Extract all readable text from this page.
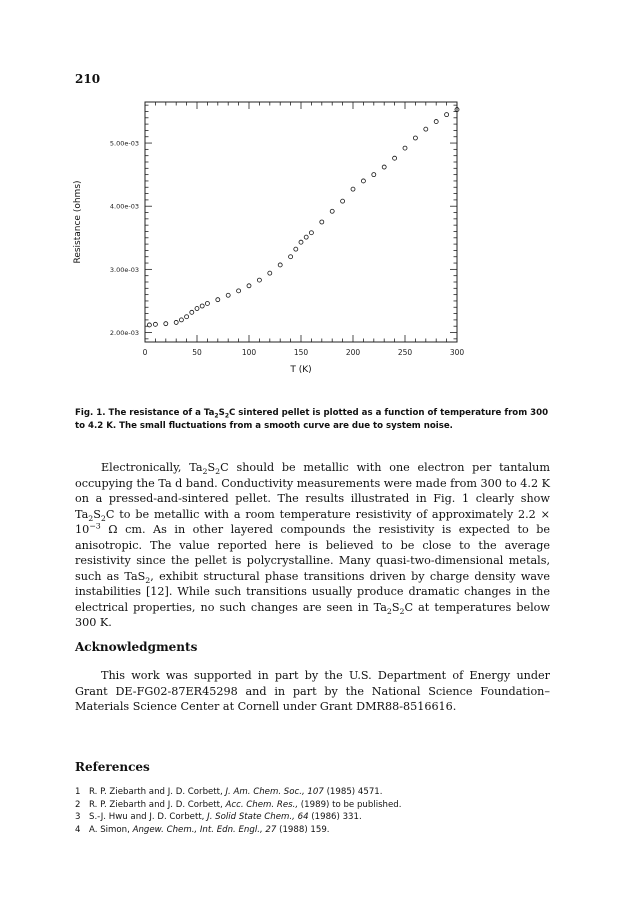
210
0	50	100	150	200	250	300
2.00e-03
3.00e-03
4.00e-03
5.00e-03
T (K)
Resistance (ohms)
Fig. 1. The resistance of a $Ta_2S_2C$ sintered pellet is plotted as a function of temperature from 300 to 4.2 K. The small fluctuations from a smooth curve are due to system noise.

Electronically, $Ta_2S_2C$ should be metallic with one electron per tantalum occupying the Ta d band. Conductivity measurements were made from 300 to 4.2 K on a pressed-and-sintered pellet. The results illustrated in Fig. 1 clearly show $Ta_2S_2C$ to be metallic with a room temperature resistivity of approximately $2.2 \times 10^{-3}$ Ω cm. As in other layered compounds the resistivity is expected to be anisotropic. The value reported here is believed to be close to the average resistivity since the pellet is polycrystalline. Many quasi-two-dimensional metals, such as TaS$_2$, exhibit structural phase transitions driven by charge density wave instabilities [12]. While such transitions usually produce dramatic changes in the electrical properties, no such changes are seen in $Ta_2S_2C$ at temperatures below 300 K.

Acknowledgments

This work was supported in part by the U.S. Department of Energy under Grant DE-FG02-87ER45298 and in part by the National Science Foundation–Materials Science Center at Cornell under Grant DMR88-8516616.

References
1 R. P. Ziebarth and J. D. Corbett, J. Am. Chem. Soc., 107 (1985) 4571.
2 R. P. Ziebarth and J. D. Corbett, Acc. Chem. Res., (1989) to be published.
3 S.-J. Hwu and J. D. Corbett, J. Solid State Chem., 64 (1986) 331.
4 A. Simon, Angew. Chem., Int. Edn. Engl., 27 (1988) 159.
